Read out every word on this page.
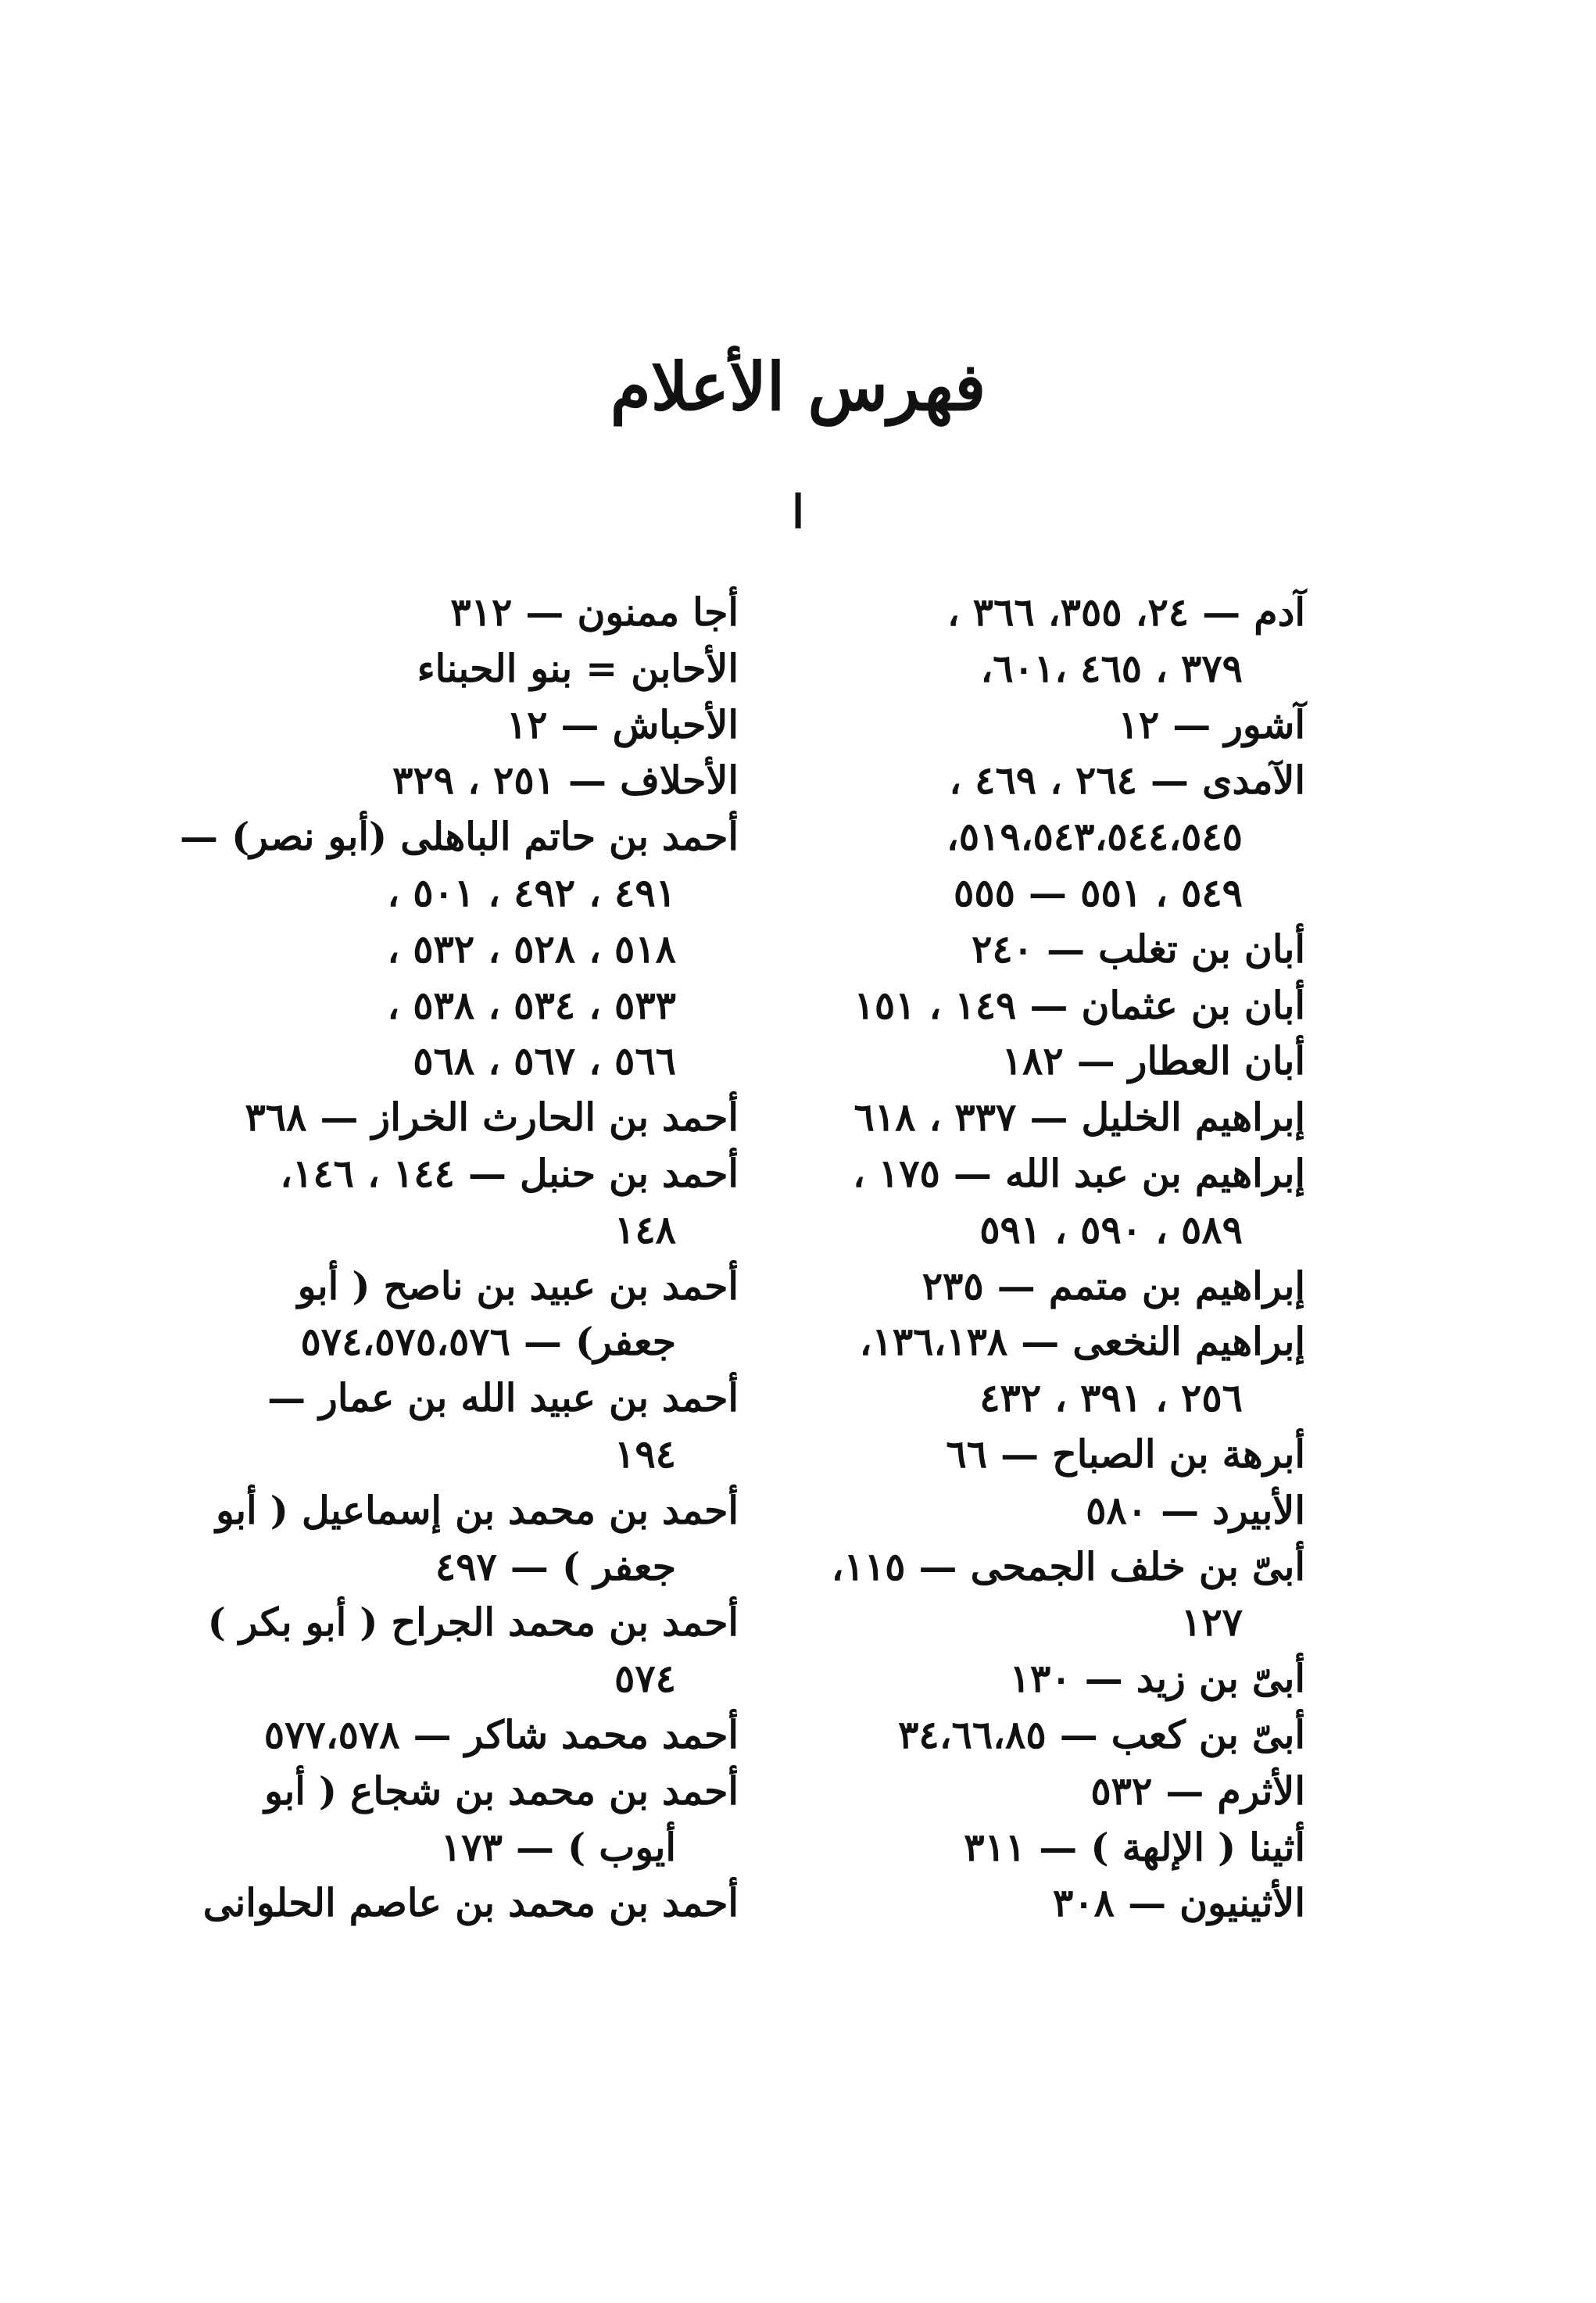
فهرس الأعلام
ا
آدم — ٢٤، ٣٥٥، ٣٦٦ ،
٣٧٩ ، ٤٦٥ ،٦٠١،
آشور — ١٢
الآمدى — ٢٦٤ ، ٤٦٩ ،
٥١٩،٥٤٣،٥٤٤،٥٤٥،
٥٤٩ ، ٥٥١ — ٥٥٥
أبان بن تغلب — ٢٤٠
أبان بن عثمان — ١٤٩ ، ١٥١
أبان العطار — ١٨٢
إبراهيم الخليل — ٣٣٧ ، ٦١٨
إبراهيم بن عبد الله — ١٧٥ ،
٥٨٩ ، ٥٩٠ ، ٥٩١
إبراهيم بن متمم — ٢٣٥
إبراهيم النخعى — ١٣٦،١٣٨،
٢٥٦ ، ٣٩١ ، ٤٣٢
أبرهة بن الصباح — ٦٦
الأبيرد — ٥٨٠
أبىّ بن خلف الجمحى — ١١٥،
١٢٧
أبىّ بن زيد — ١٣٠
أبىّ بن كعب — ٣٤،٦٦،٨٥
الأثرم — ٥٣٢
أثينا ( الإلهة ) — ٣١١
الأثينيون — ٣٠٨
أجا ممنون — ٣١٢
الأحابن = بنو الحبناء
الأحباش — ١٢
الأحلاف — ٢٥١ ، ٣٢٩
أحمد بن حاتم الباهلى (أبو نصر) —
٤٩١ ، ٤٩٢ ، ٥٠١ ،
٥١٨ ، ٥٢٨ ، ٥٣٢ ،
٥٣٣ ، ٥٣٤ ، ٥٣٨ ،
٥٦٦ ، ٥٦٧ ، ٥٦٨
أحمد بن الحارث الخراز — ٣٦٨
أحمد بن حنبل — ١٤٤ ، ١٤٦،
١٤٨
أحمد بن عبيد بن ناصح ( أبو
جعفر) — ٥٧٤،٥٧٥،٥٧٦
أحمد بن عبيد الله بن عمار —
١٩٤
أحمد بن محمد بن إسماعيل ( أبو
جعفر ) — ٤٩٧
أحمد بن محمد الجراح ( أبو بكر )
٥٧٤
أحمد محمد شاكر — ٥٧٧،٥٧٨
أحمد بن محمد بن شجاع ( أبو
أيوب ) — ١٧٣
أحمد بن محمد بن عاصم الحلوانى
